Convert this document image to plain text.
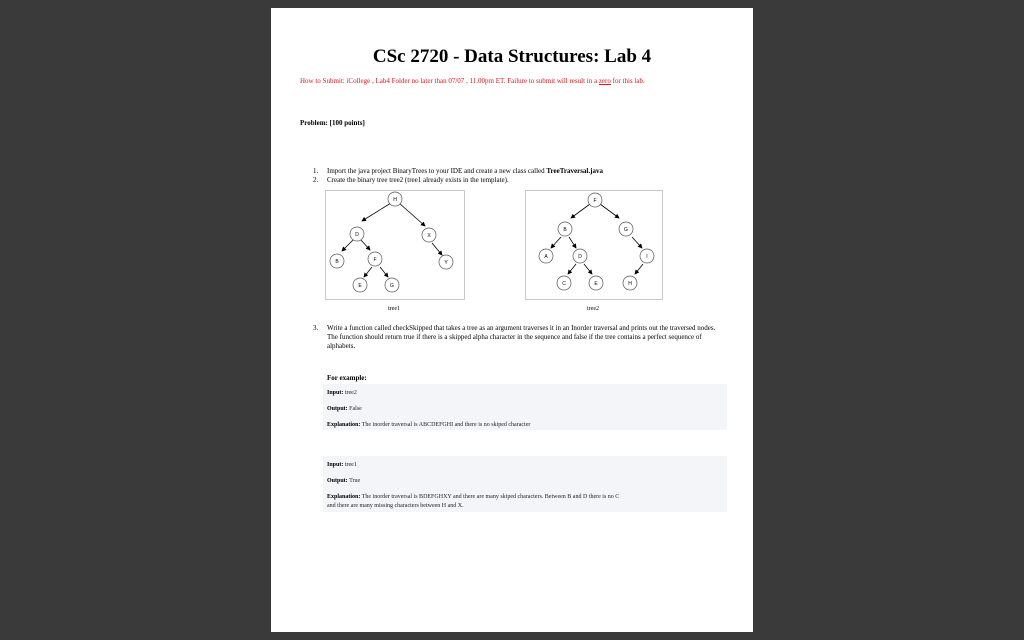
CSc 2720 - Data Structures: Lab 4
How to Submit: iCollege , Lab4 Folder no later than 07/07 , 11.00pm ET. Failure to submit will result in a zero for this lab.
Problem: [100 points]
1. Import the java project BinaryTrees to your IDE and create a new class called TreeTraversal.java
2. Create the binary tree tree2 (tree1 already exists in the template).
H
D	X
B	F	Y
E	G
tree1
F
B	G
A	D	I
C	E	H
tree2
3. Write a function called checkSkipped that takes a tree as an argument traverses it in an Inorder traversal and prints out the traversed nodes. The function should return true if there is a skipped alpha character in the sequence and false if the tree contains a perfect sequence of alphabets.
For example:
Input: tree2
Output: False
Explanation: The inorder traversal is ABCDEFGHI and there is no skiped character
Input: tree1
Output: True
Explanation: The inorder traversal is BDEFGHXY and there are many skiped characters. Between B and D there is no C
and there are many missing characters between H and X.
